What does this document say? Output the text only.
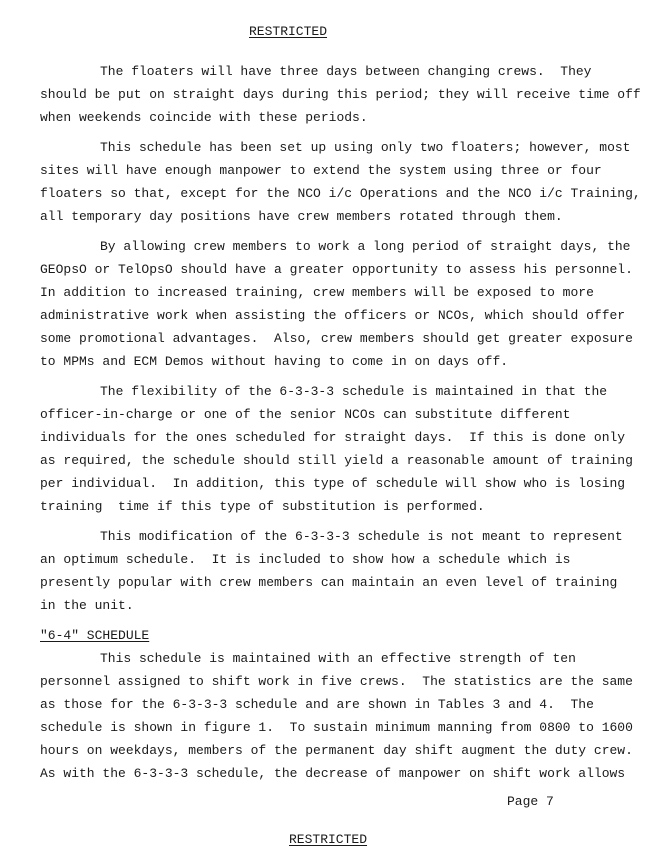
RESTRICTED
The floaters will have three days between changing crews.  They
should be put on straight days during this period; they will receive time off
when weekends coincide with these periods.
This schedule has been set up using only two floaters; however, most
sites will have enough manpower to extend the system using three or four
floaters so that, except for the NCO i/c Operations and the NCO i/c Training,
all temporary day positions have crew members rotated through them.
By allowing crew members to work a long period of straight days, the
GEOpsO or TelOpsO should have a greater opportunity to assess his personnel.
In addition to increased training, crew members will be exposed to more
administrative work when assisting the officers or NCOs, which should offer
some promotional advantages.  Also, crew members should get greater exposure
to MPMs and ECM Demos without having to come in on days off.
The flexibility of the 6-3-3-3 schedule is maintained in that the
officer-in-charge or one of the senior NCOs can substitute different
individuals for the ones scheduled for straight days.  If this is done only
as required, the schedule should still yield a reasonable amount of training
per individual.  In addition, this type of schedule will show who is losing
training  time if this type of substitution is performed.
This modification of the 6-3-3-3 schedule is not meant to represent
an optimum schedule.  It is included to show how a schedule which is
presently popular with crew members can maintain an even level of training
in the unit.
"6-4" SCHEDULE
This schedule is maintained with an effective strength of ten
personnel assigned to shift work in five crews.  The statistics are the same
as those for the 6-3-3-3 schedule and are shown in Tables 3 and 4.  The
schedule is shown in figure 1.  To sustain minimum manning from 0800 to 1600
hours on weekdays, members of the permanent day shift augment the duty crew.
As with the 6-3-3-3 schedule, the decrease of manpower on shift work allows
Page 7
RESTRICTED
